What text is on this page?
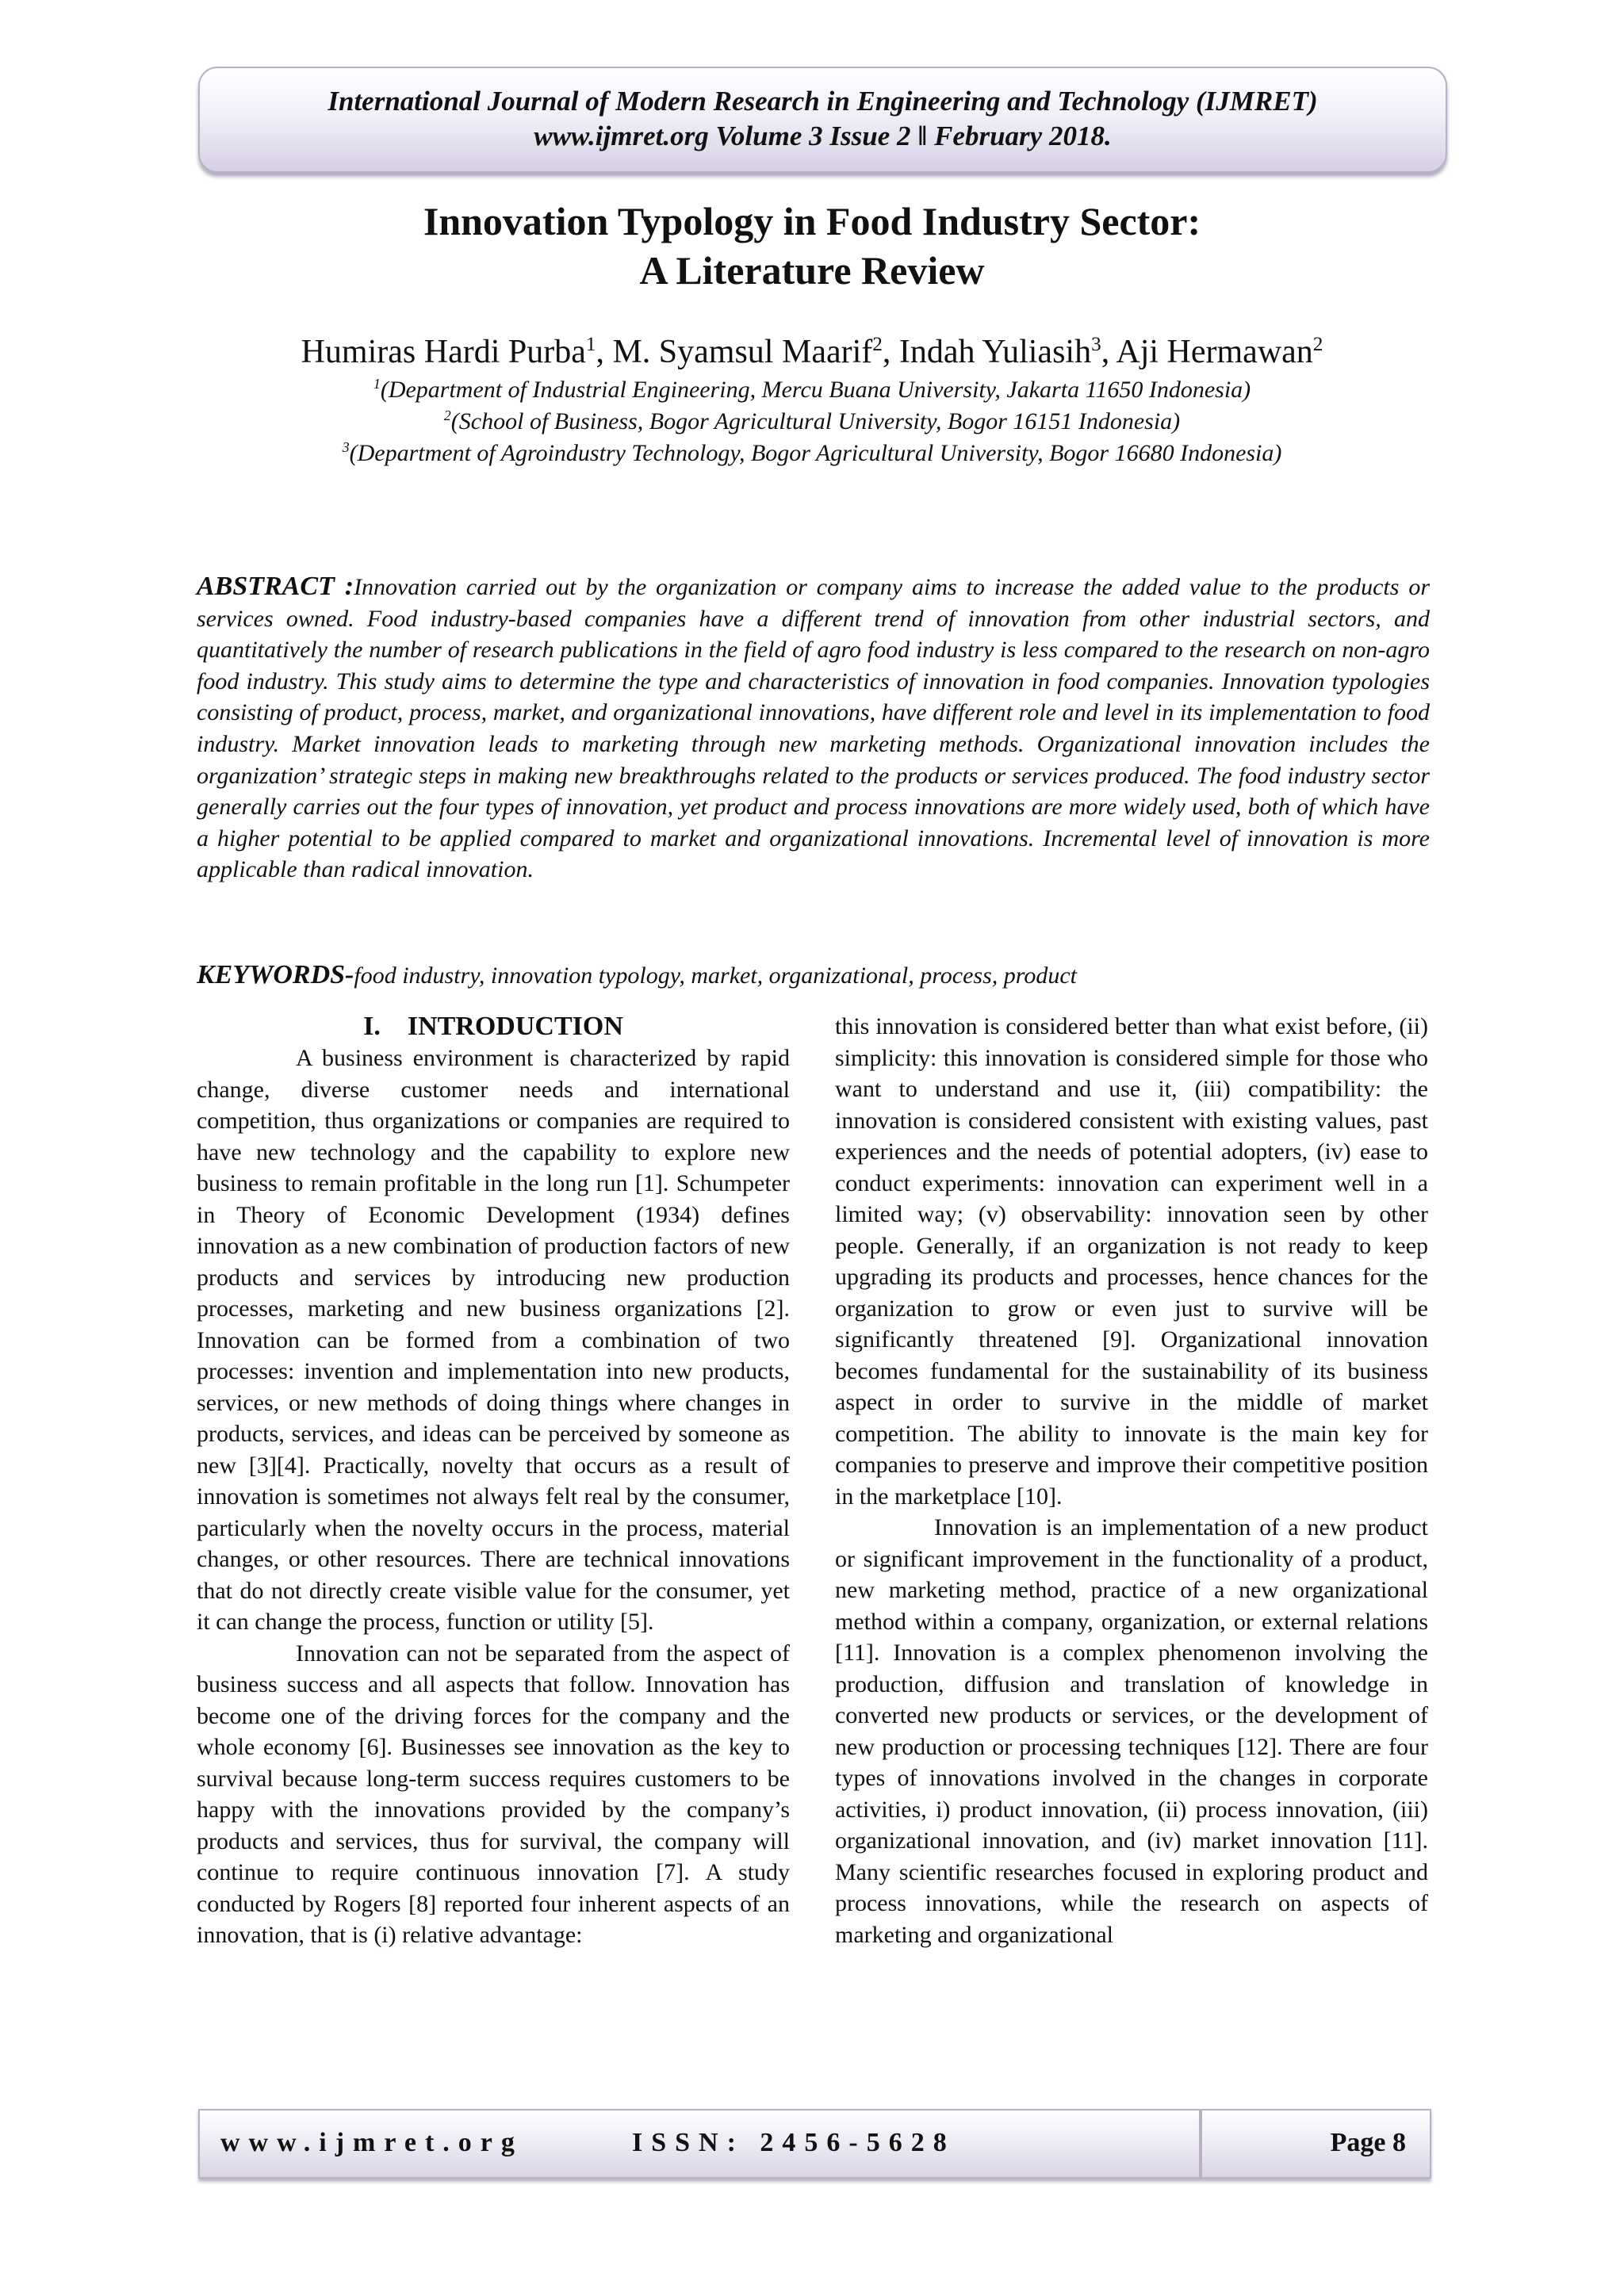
International Journal of Modern Research in Engineering and Technology (IJMRET)
www.ijmret.org Volume 3 Issue 2 ǁ February 2018.
Innovation Typology in Food Industry Sector:
A Literature Review
Humiras Hardi Purba$^1$, M. Syamsul Maarif$^2$, Indah Yuliasih$^3$, Aji Hermawan$^2$
$^1$(Department of Industrial Engineering, Mercu Buana University, Jakarta 11650 Indonesia)
$^2$(School of Business, Bogor Agricultural University, Bogor 16151 Indonesia)
$^3$(Department of Agroindustry Technology, Bogor Agricultural University, Bogor 16680 Indonesia)
ABSTRACT :Innovation carried out by the organization or company aims to increase the added value to the products or services owned. Food industry-based companies have a different trend of innovation from other industrial sectors, and quantitatively the number of research publications in the field of agro food industry is less compared to the research on non-agro food industry. This study aims to determine the type and characteristics of innovation in food companies. Innovation typologies consisting of product, process, market, and organizational innovations, have different role and level in its implementation to food industry. Market innovation leads to marketing through new marketing methods. Organizational innovation includes the organization’ strategic steps in making new breakthroughs related to the products or services produced. The food industry sector generally carries out the four types of innovation, yet product and process innovations are more widely used, both of which have a higher potential to be applied compared to market and organizational innovations. Incremental level of innovation is more applicable than radical innovation.
KEYWORDS-food industry, innovation typology, market, organizational, process, product
I. INTRODUCTION

A business environment is characterized by rapid change, diverse customer needs and international competition, thus organizations or companies are required to have new technology and the capability to explore new business to remain profitable in the long run [1]. Schumpeter in Theory of Economic Development (1934) defines innovation as a new combination of production factors of new products and services by introducing new production processes, marketing and new business organizations [2]. Innovation can be formed from a combination of two processes: invention and implementation into new products, services, or new methods of doing things where changes in products, services, and ideas can be perceived by someone as new [3][4]. Practically, novelty that occurs as a result of innovation is sometimes not always felt real by the consumer, particularly when the novelty occurs in the process, material changes, or other resources. There are technical innovations that do not directly create visible value for the consumer, yet it can change the process, function or utility [5].

Innovation can not be separated from the aspect of business success and all aspects that follow. Innovation has become one of the driving forces for the company and the whole economy [6]. Businesses see innovation as the key to survival because long-term success requires customers to be happy with the innovations provided by the company’s products and services, thus for survival, the company will continue to require continuous innovation [7]. A study conducted by Rogers [8] reported four inherent aspects of an innovation, that is (i) relative advantage:

this innovation is considered better than what exist before, (ii) simplicity: this innovation is considered simple for those who want to understand and use it, (iii) compatibility: the innovation is considered consistent with existing values, past experiences and the needs of potential adopters, (iv) ease to conduct experiments: innovation can experiment well in a limited way; (v) observability: innovation seen by other people. Generally, if an organization is not ready to keep upgrading its products and processes, hence chances for the organization to grow or even just to survive will be significantly threatened [9]. Organizational innovation becomes fundamental for the sustainability of its business aspect in order to survive in the middle of market competition. The ability to innovate is the main key for companies to preserve and improve their competitive position in the marketplace [10].

Innovation is an implementation of a new product or significant improvement in the functionality of a product, new marketing method, practice of a new organizational method within a company, organization, or external relations [11]. Innovation is a complex phenomenon involving the production, diffusion and translation of knowledge in converted new products or services, or the development of new production or processing techniques [12]. There are four types of innovations involved in the changes in corporate activities, i) product innovation, (ii) process innovation, (iii) organizational innovation, and (iv) market innovation [11]. Many scientific researches focused in exploring product and process innovations, while the research on aspects of marketing and organizational

www.ijmret.org	ISSN: 2456-5628	Page 8
